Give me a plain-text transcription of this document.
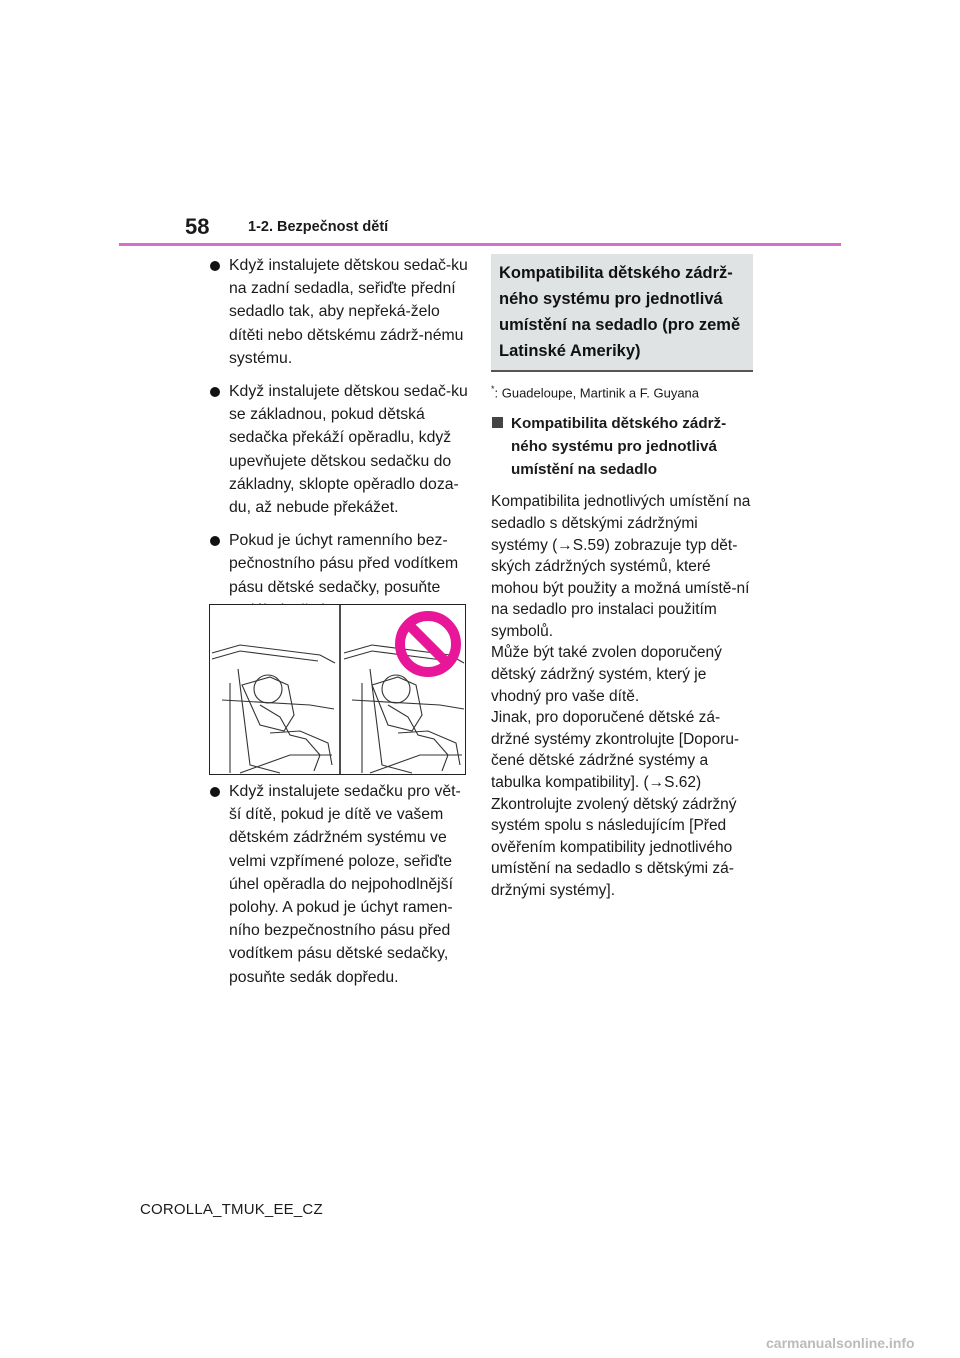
58	1-2. Bezpečnost dětí
Když instalujete dětskou sedač-ku na zadní sedadla, seřiďte přední sedadlo tak, aby nepřeká-želo dítěti nebo dětskému zádrž-nému systému.
Když instalujete dětskou sedač-ku se základnou, pokud dětská sedačka překáží opěradlu, když upevňujete dětskou sedačku do základny, sklopte opěradlo doza-du, až nebude překážet.
Pokud je úchyt ramenního bez-pečnostního pásu před vodítkem pásu dětské sedačky, posuňte
Když instalujete sedačku pro vět-ší dítě, pokud je dítě ve vašem dětském zádržném systému ve velmi vzpřímené poloze, seřiďte úhel opěradla do nejpohodlnější polohy. A pokud je úchyt ramen-ního bezpečnostního pásu před vodítkem pásu dětské sedačky, posuňte sedák dopředu.
Kompatibilita dětského zádrž-ného systému pro jednotlivá umístění na sedadlo (pro země Latinské Ameriky)
*: Guadeloupe, Martinik a F. Guyana
Kompatibilita dětského zádrž-ného systému pro jednotlivá umístění na sedadlo

Kompatibilita jednotlivých umístění na sedadlo s dětskými zádržnými systémy (→S.59) zobrazuje typ dět-ských zádržných systémů, které mohou být použity a možná umístě-ní na sedadlo pro instalaci použitím symbolů.

Může být také zvolen doporučený dětský zádržný systém, který je vhodný pro vaše dítě.

Jinak, pro doporučené dětské zá-držné systémy zkontrolujte [Doporu-čené dětské zádržné systémy a tabulka kompatibility]. (→S.62)

Zkontrolujte zvolený dětský zádržný systém spolu s následujícím [Před ověřením kompatibility jednotlivého umístění na sedadlo s dětskými zá-držnými systémy].

COROLLA_TMUK_EE_CZ
carmanualsonline.info
